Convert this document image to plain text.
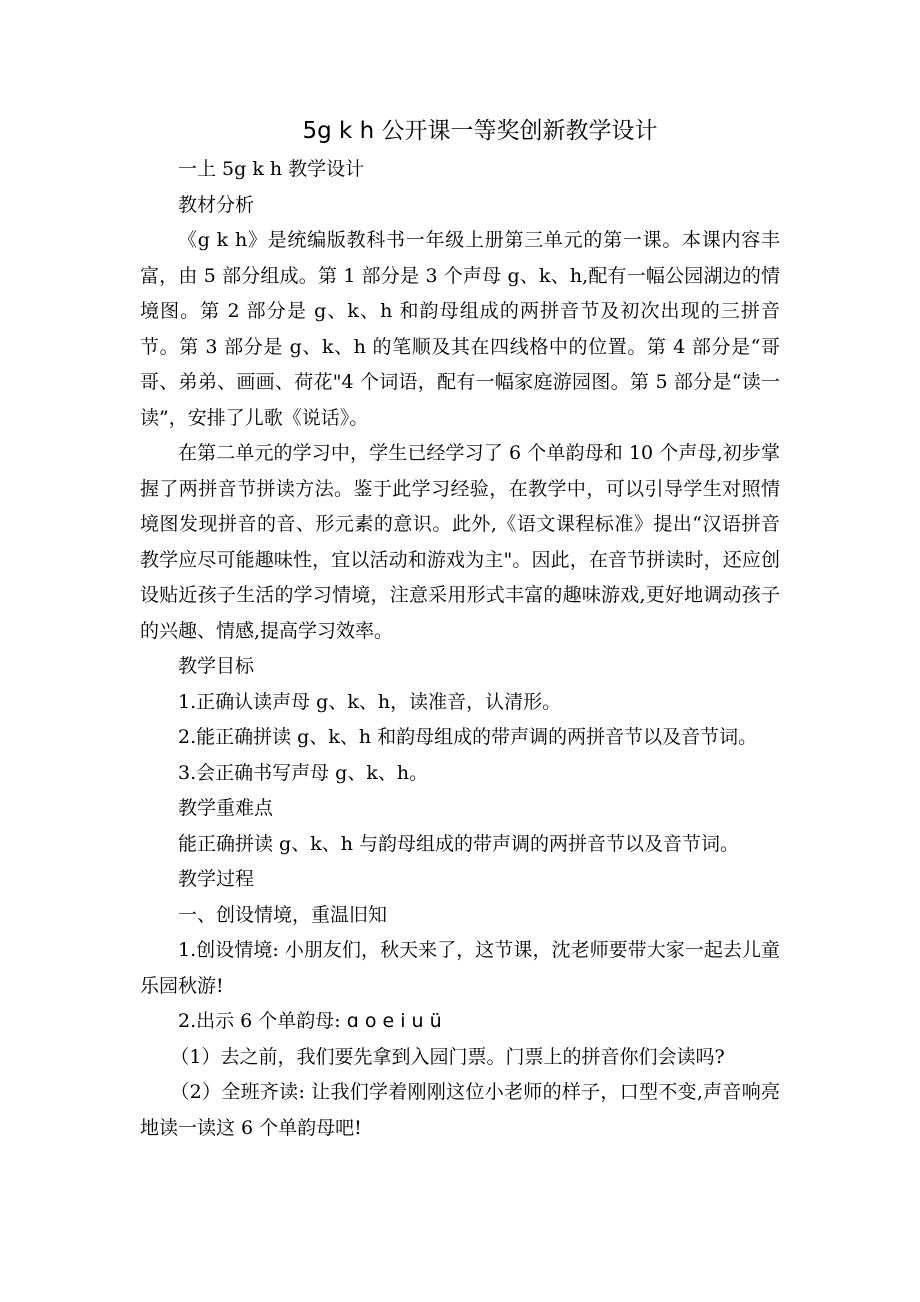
5g k h 公开课一等奖创新教学设计

一上 5g k h 教学设计

教材分析

《g k h》是统编版教科书一年级上册第三单元的第一课。本课内容丰富，由 5 部分组成。第 1 部分是 3 个声母 g、k、h,配有一幅公园湖边的情境图。第 2 部分是 g、k、h 和韵母组成的两拼音节及初次出现的三拼音节。第 3 部分是 g、k、h 的笔顺及其在四线格中的位置。第 4 部分是“哥哥、弟弟、画画、荷花"4 个词语，配有一幅家庭游园图。第 5 部分是“读一读”，安排了儿歌《说话》。

在第二单元的学习中，学生已经学习了 6 个单韵母和 10 个声母,初步掌握了两拼音节拼读方法。鉴于此学习经验，在教学中，可以引导学生对照情境图发现拼音的音、形元素的意识。此外,《语文课程标准》提出“汉语拼音教学应尽可能趣味性，宜以活动和游戏为主"。因此，在音节拼读时，还应创设贴近孩子生活的学习情境，注意采用形式丰富的趣味游戏,更好地调动孩子的兴趣、情感,提高学习效率。

教学目标

1.正确认读声母 g、k、h，读准音，认清形。

2.能正确拼读 g、k、h 和韵母组成的带声调的两拼音节以及音节词。

3.会正确书写声母 g、k、h。

教学重难点

能正确拼读 g、k、h 与韵母组成的带声调的两拼音节以及音节词。

教学过程

一、创设情境，重温旧知

1.创设情境: 小朋友们，秋天来了，这节课，沈老师要带大家一起去儿童乐园秋游!

2.出示 6 个单韵母: ɑ o e i u ü

（1）去之前，我们要先拿到入园门票。门票上的拼音你们会读吗?

（2）全班齐读: 让我们学着刚刚这位小老师的样子，口型不变,声音响亮地读一读这 6 个单韵母吧!
